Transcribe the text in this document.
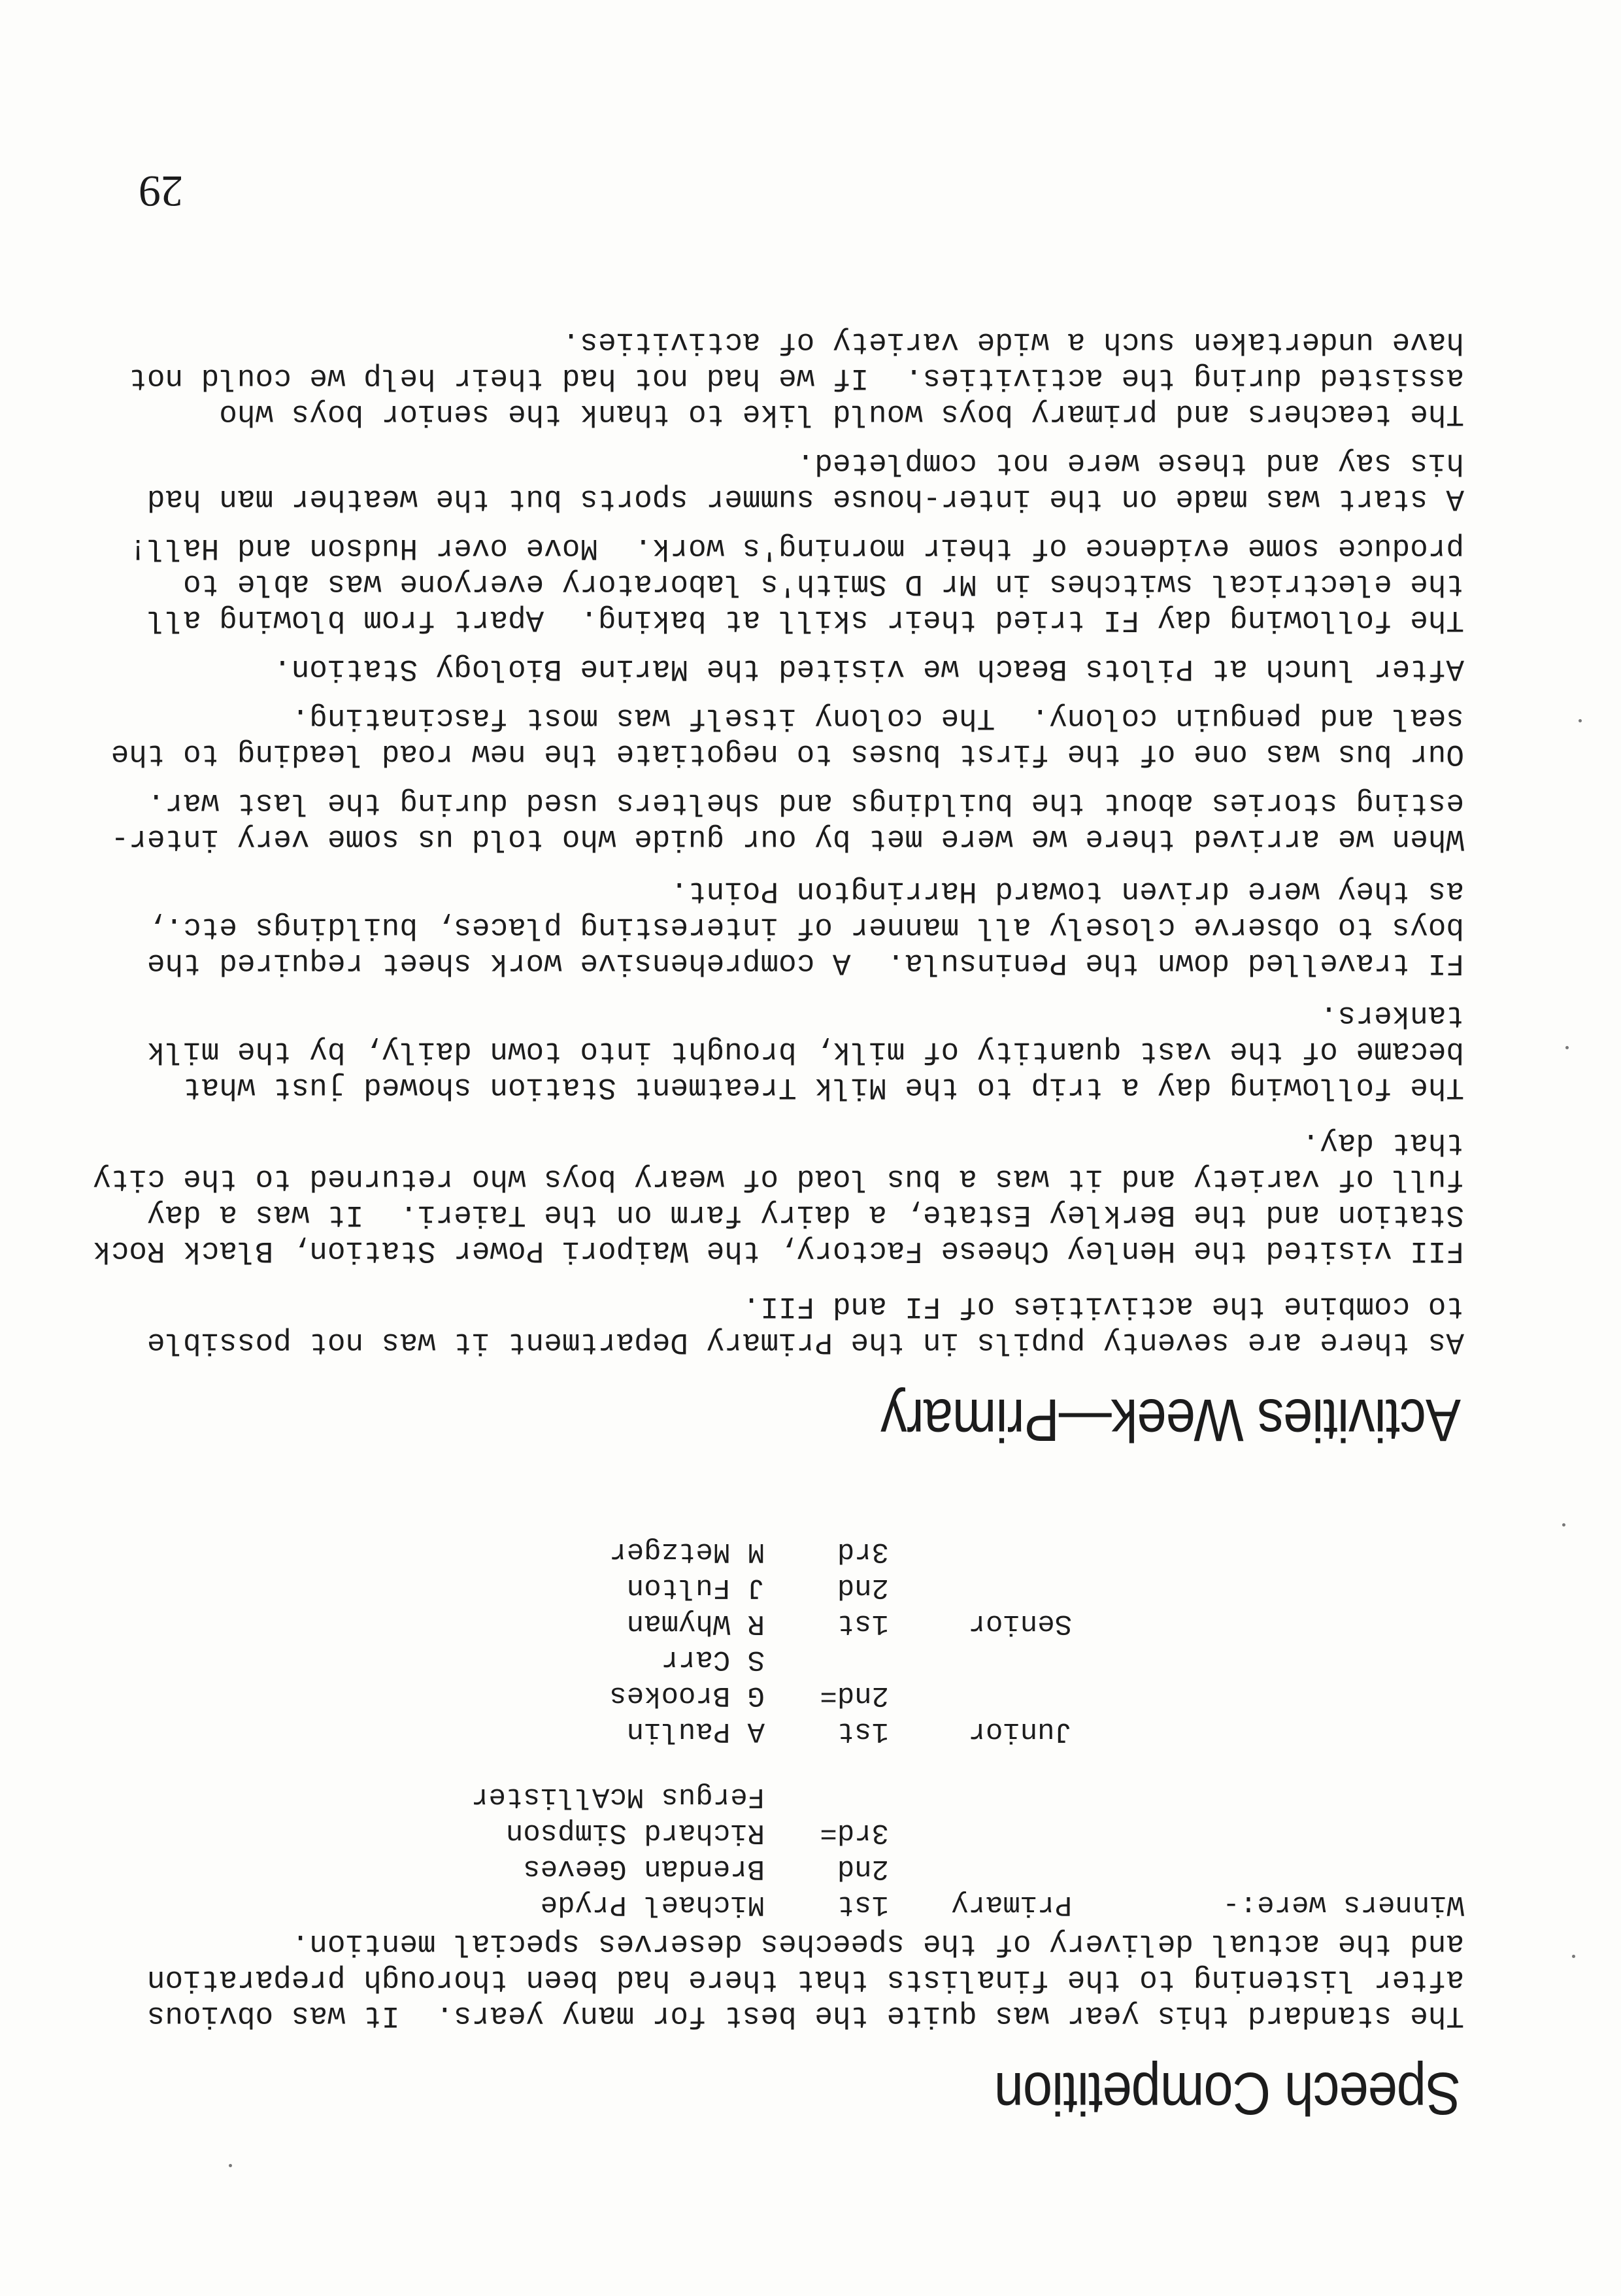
Speech Competition

The standard this year was quite the best for many years.  It was obvious
after listening to the finalists that there had been thorough preparation
and the actual delivery of the speeches deserves special mention.

Winners were:-
Primary
1st
Michael Pryde
2nd
Brendan Geeves
3rd=
Richard Simpson
Fergus McAllister
Junior
1st
A Paulin
2nd=
G Brookes
S Carr
Senior
1st
R Whyman
2nd
J Fulton
3rd
M Metzger
Activities Week—Primary

As there are seventy pupils in the Primary Department it was not possible
to combine the activities of FI and FII.

FII visited the Henley Cheese Factory, the Waipori Power Station, Black Rock
Station and the Berkley Estate, a dairy farm on the Taieri.  It was a day
full of variety and it was a bus load of weary boys who returned to the city
that day.

The following day a trip to the Milk Treatment Station showed just what
became of the vast quantity of milk, brought into town daily, by the milk
tankers.

FI travelled down the Peninsula.  A comprehensive work sheet required the
boys to observe closely all manner of interesting places, buildings etc.,
as they were driven toward Harrington Point.

When we arrived there we were met by our guide who told us some very inter-
esting stories about the buildings and shelters used during the last war.

Our bus was one of the first buses to negotiate the new road leading to the
seal and penguin colony.  The colony itself was most fascinating.

After lunch at Pilots Beach we visited the Marine Biology Station.

The following day FI tried their skill at baking.  Apart from blowing all
the electrical switches in Mr D Smith's laboratory everyone was able to
produce some evidence of their morning's work.  Move over Hudson and Hall!

A start was made on the inter-house summer sports but the weather man had
his say and these were not completed.

The teachers and primary boys would like to thank the senior boys who
assisted during the activities.  If we had not had their help we could not
have undertaken such a wide variety of activities.

29
